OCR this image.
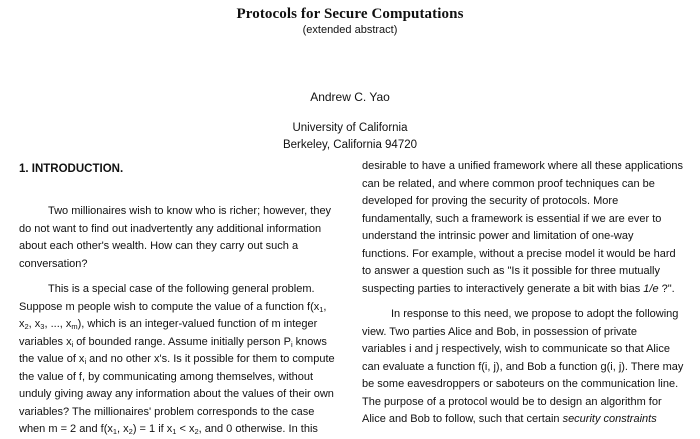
Protocols for Secure Computations
(extended abstract)
Andrew C. Yao
University of California
Berkeley, California 94720
1. INTRODUCTION.
Two millionaires wish to know who is richer; however, they
do not want to find out inadvertently any additional information
about each other's wealth. How can they carry out such a
conversation?
This is a special case of the following general problem.
Suppose m people wish to compute the value of a function $f(x_1$,
$x_2$, $x_3$, ..., $x_m$), which is an integer-valued function of m integer
variables $x_i$ of bounded range. Assume initially person $P_i$ knows
the value of $x_i$ and no other x's. Is it possible for them to compute
the value of f, by communicating among themselves, without
unduly giving away any information about the values of their own
variables? The millionaires' problem corresponds to the case
when m = 2 and $f(x_1$, $x_2) = 1$ if $x_1 < x_2$, and 0 otherwise. In this
desirable to have a unified framework where all these applications
can be related, and where common proof techniques can be
developed for proving the security of protocols. More
fundamentally, such a framework is essential if we are ever to
understand the intrinsic power and limitation of one-way
functions. For example, without a precise model it would be hard
to answer a question such as "Is it possible for three mutually
suspecting parties to interactively generate a bit with bias 1/e ?".
In response to this need, we propose to adopt the following
view. Two parties Alice and Bob, in possession of private
variables i and j respectively, wish to communicate so that Alice
can evaluate a function f(i, j), and Bob a function g(i, j). There may
be some eavesdroppers or saboteurs on the communication line.
The purpose of a protocol would be to design an algorithm for
Alice and Bob to follow, such that certain security constraints
